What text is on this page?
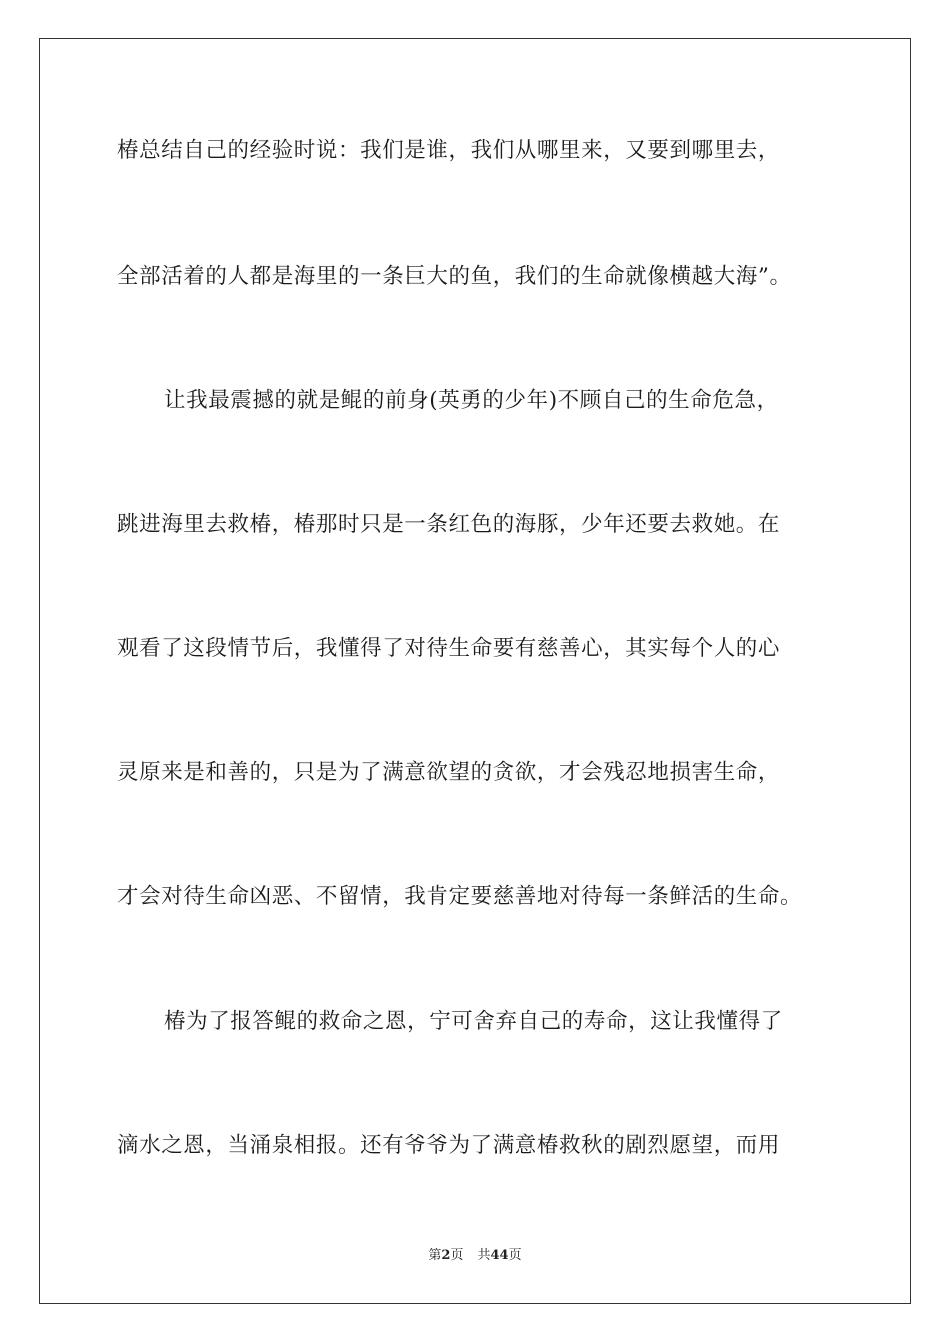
椿总结自己的经验时说：我们是谁，我们从哪里来，又要到哪里去，

全部活着的人都是海里的一条巨大的鱼，我们的生命就像横越大海”。

让我最震撼的就是鲲的前身(英勇的少年)不顾自己的生命危急，

跳进海里去救椿，椿那时只是一条红色的海豚，少年还要去救她。在

观看了这段情节后，我懂得了对待生命要有慈善心，其实每个人的心

灵原来是和善的，只是为了满意欲望的贪欲，才会残忍地损害生命，

才会对待生命凶恶、不留情，我肯定要慈善地对待每一条鲜活的生命。

椿为了报答鲲的救命之恩，宁可舍弃自己的寿命，这让我懂得了

滴水之恩，当涌泉相报。还有爷爷为了满意椿救秋的剧烈愿望，而用

第2页 共44页
